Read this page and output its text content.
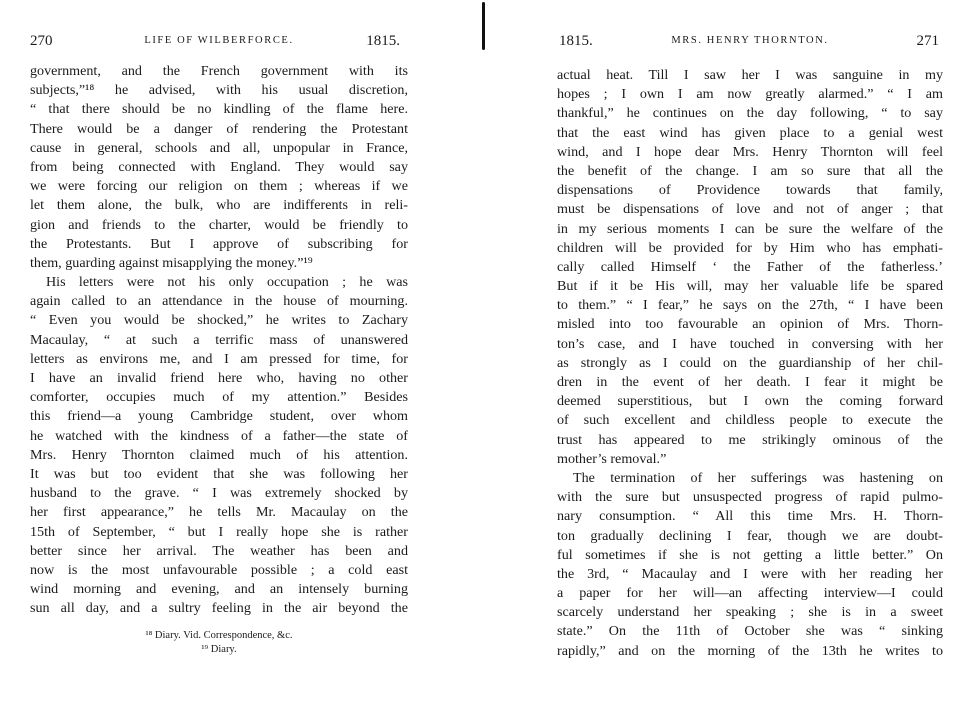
270	LIFE OF WILBERFORCE.	1815.
government, and the French government with its
subjects,”¹⁸ he advised, with his usual discretion,
“ that there should be no kindling of the flame here.
There would be a danger of rendering the Protestant
cause in general, schools and all, unpopular in France,
from being connected with England. They would say
we were forcing our religion on them ; whereas if we
let them alone, the bulk, who are indifferents in reli-
gion and friends to the charter, would be friendly to
the Protestants. But I approve of subscribing for
them, guarding against misapplying the money.”¹⁹
His letters were not his only occupation ; he was
again called to an attendance in the house of mourning.
“ Even you would be shocked,” he writes to Zachary
Macaulay, “ at such a terrific mass of unanswered
letters as environs me, and I am pressed for time, for
I have an invalid friend here who, having no other
comforter, occupies much of my attention.” Besides
this friend—a young Cambridge student, over whom
he watched with the kindness of a father—the state of
Mrs. Henry Thornton claimed much of his attention.
It was but too evident that she was following her
husband to the grave. “ I was extremely shocked by
her first appearance,” he tells Mr. Macaulay on the
15th of September, “ but I really hope she is rather
better since her arrival. The weather has been and
now is the most unfavourable possible ; a cold east
wind morning and evening, and an intensely burning
sun all day, and a sultry feeling in the air beyond the
¹⁸ Diary. Vid. Correspondence, &c.
¹⁹ Diary.
1815.	MRS. HENRY THORNTON.	271
actual heat. Till I saw her I was sanguine in my
hopes ; I own I am now greatly alarmed.” “ I am
thankful,” he continues on the day following, “ to say
that the east wind has given place to a genial west
wind, and I hope dear Mrs. Henry Thornton will feel
the benefit of the change. I am so sure that all the
dispensations of Providence towards that family,
must be dispensations of love and not of anger ; that
in my serious moments I can be sure the welfare of the
children will be provided for by Him who has emphati-
cally called Himself ‘ the Father of the fatherless.’
But if it be His will, may her valuable life be spared
to them.” “ I fear,” he says on the 27th, “ I have been
misled into too favourable an opinion of Mrs. Thorn-
ton’s case, and I have touched in conversing with her
as strongly as I could on the guardianship of her chil-
dren in the event of her death. I fear it might be
deemed superstitious, but I own the coming forward
of such excellent and childless people to execute the
trust has appeared to me strikingly ominous of the
mother’s removal.”
The termination of her sufferings was hastening on
with the sure but unsuspected progress of rapid pulmo-
nary consumption. “ All this time Mrs. H. Thorn-
ton gradually declining I fear, though we are doubt-
ful sometimes if she is not getting a little better.” On
the 3rd, “ Macaulay and I were with her reading her
a paper for her will—an affecting interview—I could
scarcely understand her speaking ; she is in a sweet
state.” On the 11th of October she was “ sinking
rapidly,” and on the morning of the 13th he writes to
